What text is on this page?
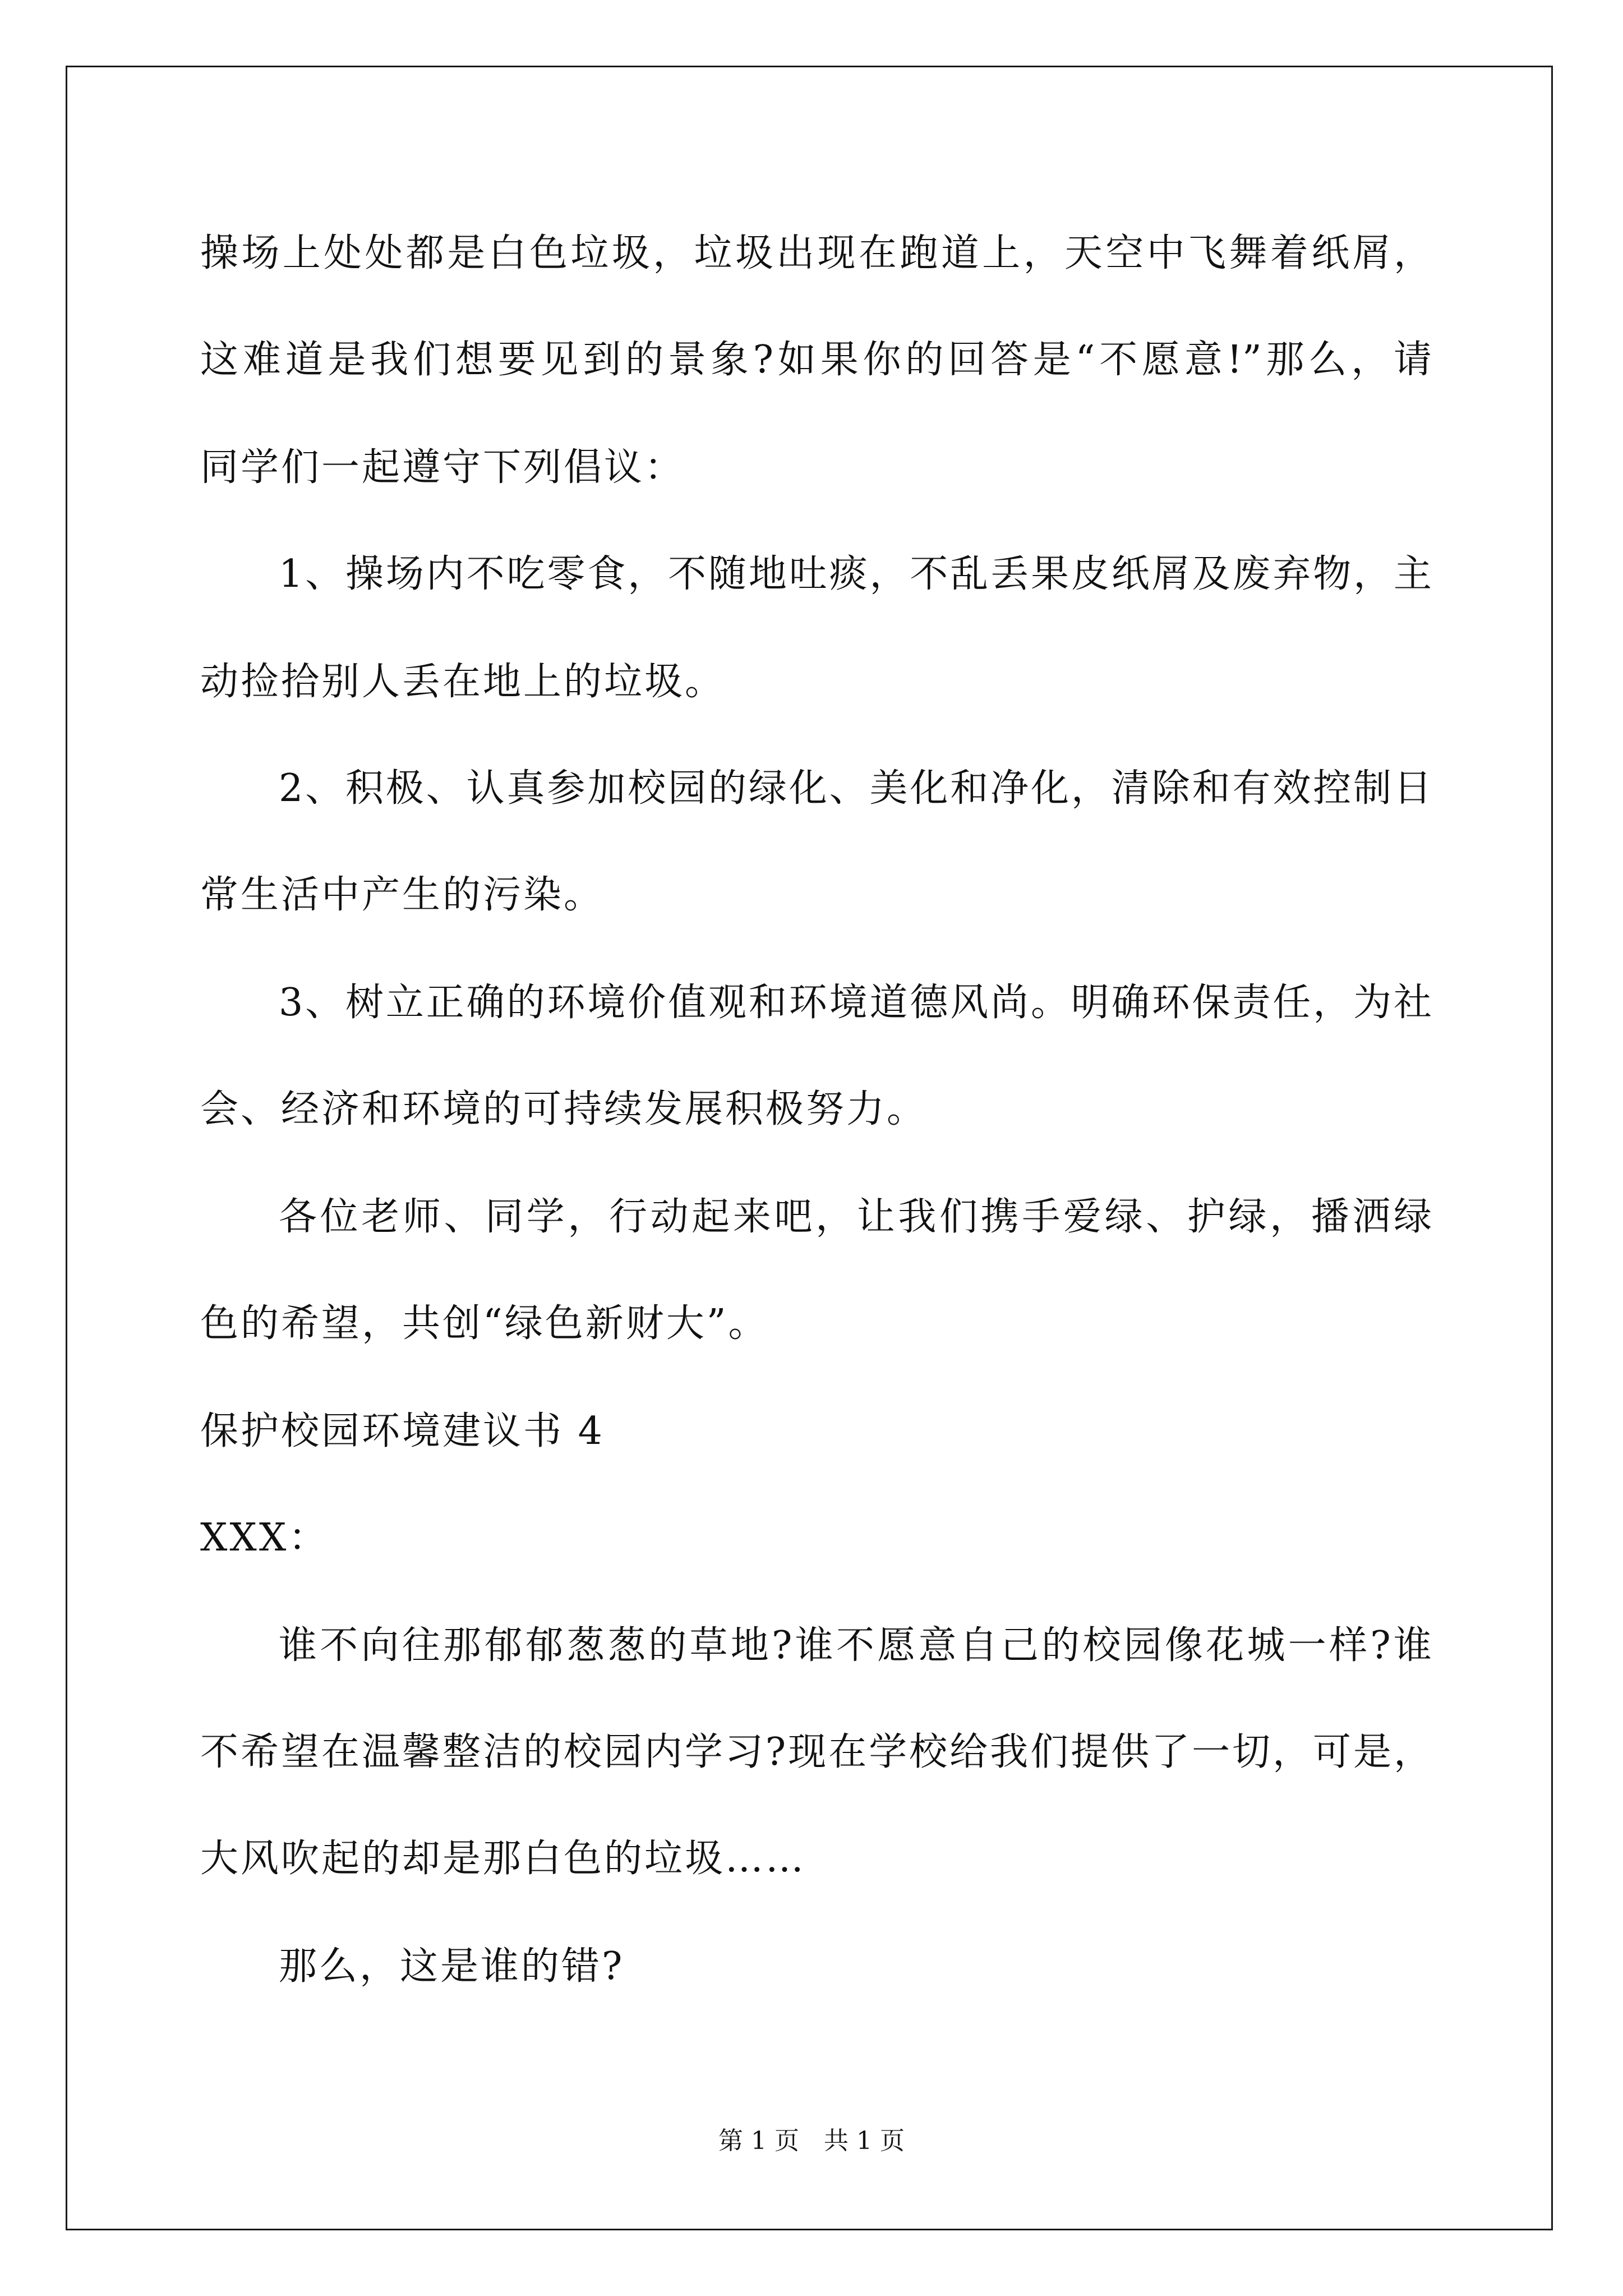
操场上处处都是白色垃圾，垃圾出现在跑道上，天空中飞舞着纸屑，
这难道是我们想要见到的景象?如果你的回答是“不愿意!”那么，请
同学们一起遵守下列倡议：
1、操场内不吃零食，不随地吐痰，不乱丢果皮纸屑及废弃物，主
动捡拾别人丢在地上的垃圾。
2、积极、认真参加校园的绿化、美化和净化，清除和有效控制日
常生活中产生的污染。
3、树立正确的环境价值观和环境道德风尚。明确环保责任，为社
会、经济和环境的可持续发展积极努力。
各位老师、同学，行动起来吧，让我们携手爱绿、护绿，播洒绿
色的希望，共创“绿色新财大”。
保护校园环境建议书 4
XXX：
谁不向往那郁郁葱葱的草地?谁不愿意自己的校园像花城一样?谁
不希望在温馨整洁的校园内学习?现在学校给我们提供了一切，可是，
大风吹起的却是那白色的垃圾……
那么，这是谁的错?
第 1 页 共 1 页
